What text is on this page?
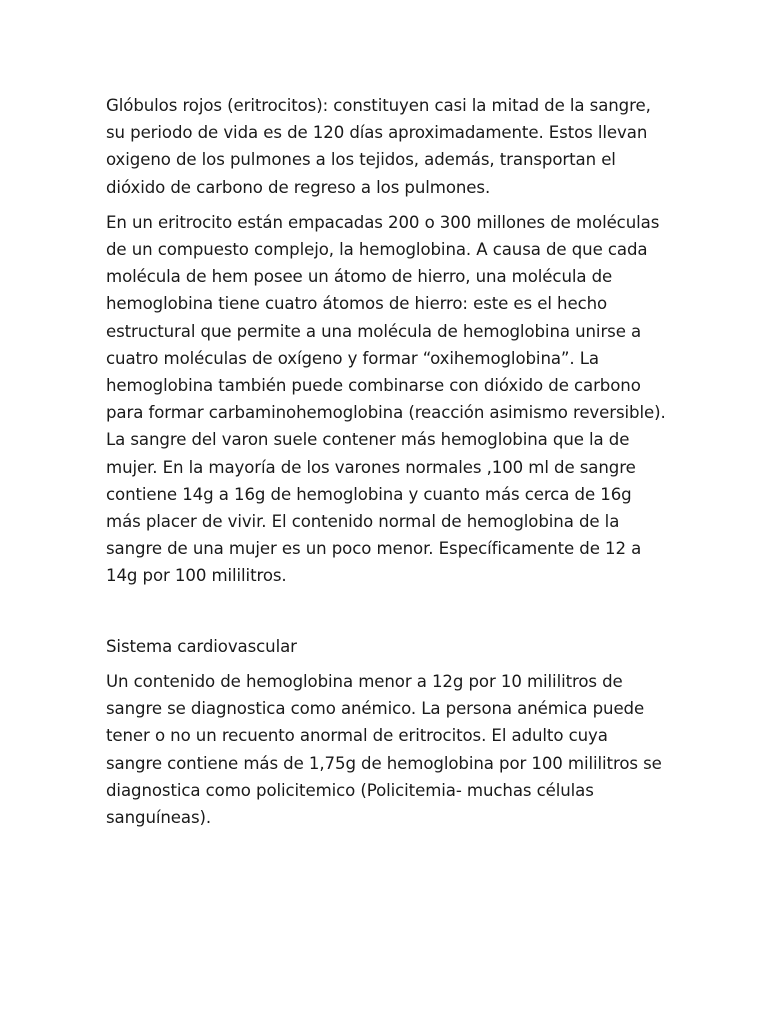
Glóbulos rojos (eritrocitos): constituyen casi la mitad de la sangre, su periodo de vida es de 120 días aproximadamente. Estos llevan oxigeno de los pulmones a los tejidos, además, transportan el dióxido de carbono de regreso a los pulmones.

En un eritrocito están empacadas 200 o 300 millones de moléculas de un compuesto complejo, la hemoglobina. A causa de que cada molécula de hem posee un átomo de hierro, una molécula de hemoglobina tiene cuatro átomos de hierro: este es el hecho estructural que permite a una molécula de hemoglobina unirse a cuatro moléculas de oxígeno y formar “oxihemoglobina”. La hemoglobina también puede combinarse con dióxido de carbono para formar carbaminohemoglobina (reacción asimismo reversible). La sangre del varon suele contener más hemoglobina que la de mujer. En la mayoría de los varones normales ,100 ml de sangre contiene 14g a 16g de hemoglobina y cuanto más cerca de 16g más placer de vivir. El contenido normal de hemoglobina de la sangre de una mujer es un poco menor. Específicamente de 12 a 14g por 100 mililitros.

Sistema cardiovascular

Un contenido de hemoglobina menor a 12g por 10 mililitros de sangre se diagnostica como anémico. La persona anémica puede tener o no un recuento anormal de eritrocitos. El adulto cuya sangre contiene más de 1,75g de hemoglobina por 100 mililitros se diagnostica como policitemico (Policitemia- muchas células sanguíneas).
